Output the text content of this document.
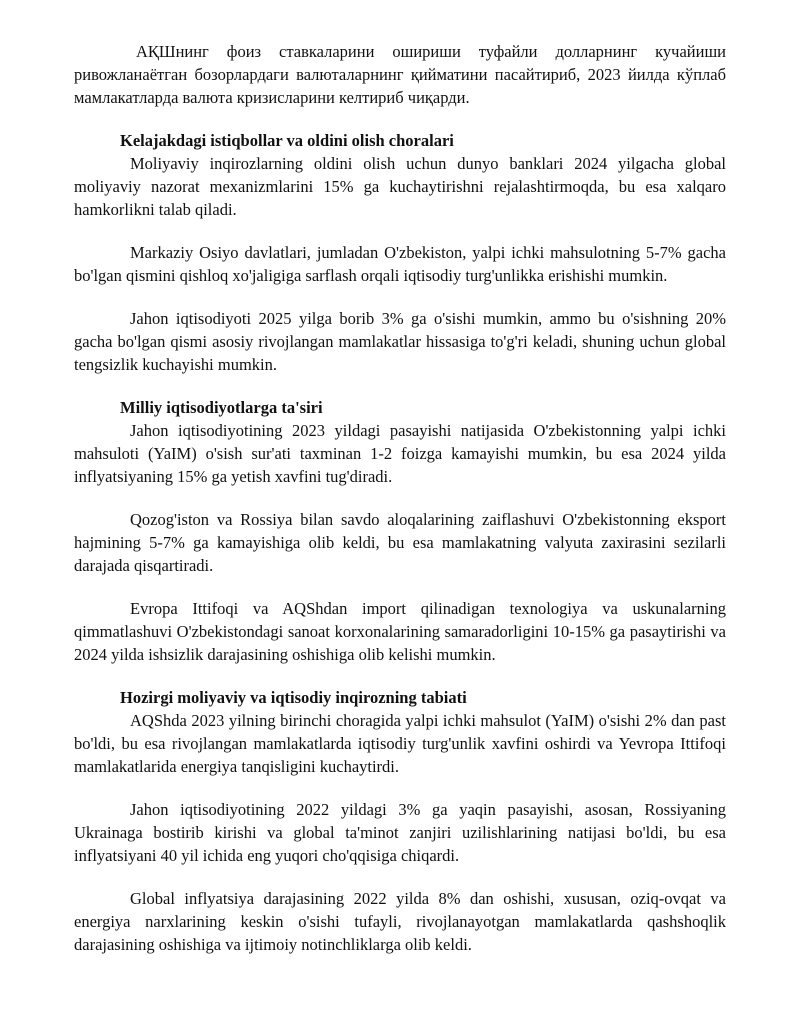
АҚШнинг фоиз ставкаларини ошириши туфайли долларнинг кучайиши ривожланаётган бозорлардаги валюталарнинг қийматини пасайтириб, 2023 йилда кўплаб мамлакатларда валюта кризисларини келтириб чиқарди.

Kelajakdagi istiqbollar va oldini olish choralari

Moliyaviy inqirozlarning oldini olish uchun dunyo banklari 2024 yilgacha global moliyaviy nazorat mexanizmlarini 15% ga kuchaytirishni rejalashtirmoqda, bu esa xalqaro hamkorlikni talab qiladi.

Markaziy Osiyo davlatlari, jumladan O'zbekiston, yalpi ichki mahsulotning 5-7% gacha bo'lgan qismini qishloq xo'jaligiga sarflash orqali iqtisodiy turg'unlikka erishishi mumkin.

Jahon iqtisodiyoti 2025 yilga borib 3% ga o'sishi mumkin, ammo bu o'sishning 20% gacha bo'lgan qismi asosiy rivojlangan mamlakatlar hissasiga to'g'ri keladi, shuning uchun global tengsizlik kuchayishi mumkin.

Milliy iqtisodiyotlarga ta'siri

Jahon iqtisodiyotining 2023 yildagi pasayishi natijasida O'zbekistonning yalpi ichki mahsuloti (YaIM) o'sish sur'ati taxminan 1-2 foizga kamayishi mumkin, bu esa 2024 yilda inflyatsiyaning 15% ga yetish xavfini tug'diradi.

Qozog'iston va Rossiya bilan savdo aloqalarining zaiflashuvi O'zbekistonning eksport hajmining 5-7% ga kamayishiga olib keldi, bu esa mamlakatning valyuta zaxirasini sezilarli darajada qisqartiradi.

Evropa Ittifoqi va AQShdan import qilinadigan texnologiya va uskunalarning qimmatlashuvi O'zbekistondagi sanoat korxonalarining samaradorligini 10-15% ga pasaytirishi va 2024 yilda ishsizlik darajasining oshishiga olib kelishi mumkin.

Hozirgi moliyaviy va iqtisodiy inqirozning tabiati

AQShda 2023 yilning birinchi choragida yalpi ichki mahsulot (YaIM) o'sishi 2% dan past bo'ldi, bu esa rivojlangan mamlakatlarda iqtisodiy turg'unlik xavfini oshirdi va Yevropa Ittifoqi mamlakatlarida energiya tanqisligini kuchaytirdi.

Jahon iqtisodiyotining 2022 yildagi 3% ga yaqin pasayishi, asosan, Rossiyaning Ukrainaga bostirib kirishi va global ta'minot zanjiri uzilishlarining natijasi bo'ldi, bu esa inflyatsiyani 40 yil ichida eng yuqori cho'qqisiga chiqardi.

Global inflyatsiya darajasining 2022 yilda 8% dan oshishi, xususan, oziq-ovqat va energiya narxlarining keskin o'sishi tufayli, rivojlanayotgan mamlakatlarda qashshoqlik darajasining oshishiga va ijtimoiy notinchliklarga olib keldi.
